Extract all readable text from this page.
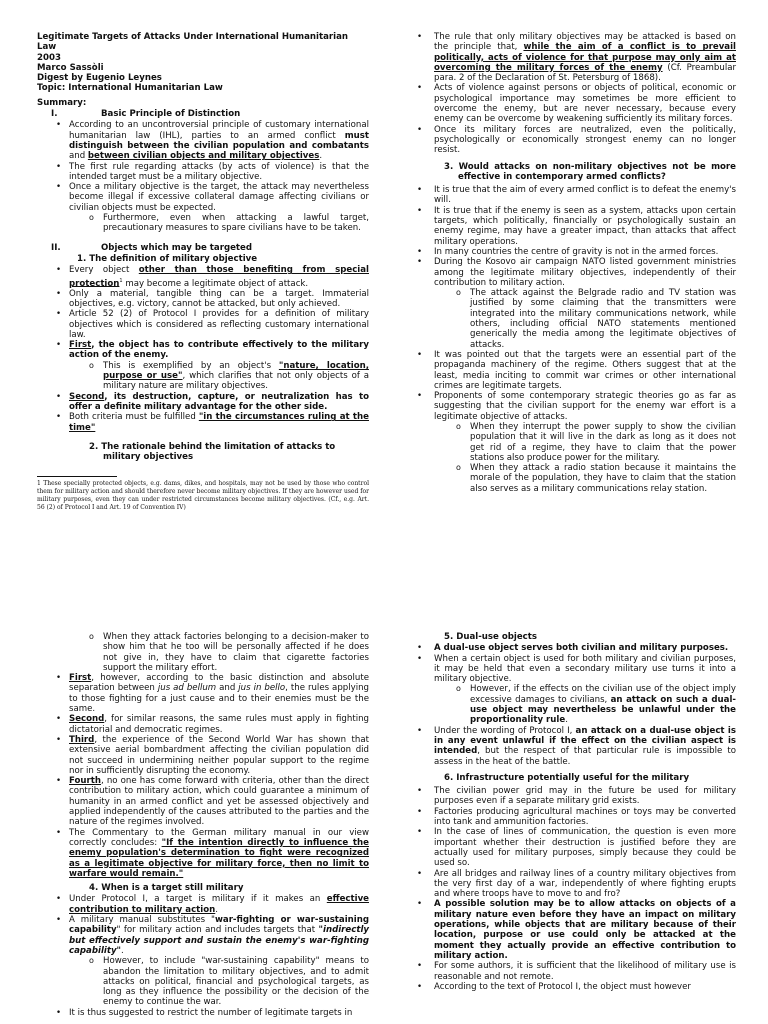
Legitimate Targets of Attacks Under International Humanitarian Law
2003
Marco Sassòli
Digest by Eugenio Leynes
Topic: International Humanitarian Law
Summary:
I.	Basic Principle of Distinction

• According to an uncontroversial principle of customary international humanitarian law (IHL), parties to an armed conflict must distinguish between the civilian population and combatants and between civilian objects and military objectives.

• The first rule regarding attacks (by acts of violence) is that the intended target must be a military objective.

• Once a military objective is the target, the attack may nevertheless become illegal if excessive collateral damage affecting civilians or civilian objects must be expected.

o Furthermore, even when attacking a lawful target, precautionary measures to spare civilians have to be taken.

II.	Objects which may be targeted
1. The definition of military objective

• Every object other than those benefiting from special protection$^1$ may become a legitimate object of attack.

• Only a material, tangible thing can be a target. Immaterial objectives, e.g. victory, cannot be attacked, but only achieved.

• Article 52 (2) of Protocol I provides for a definition of military objectives which is considered as reflecting customary international law.

• First, the object has to contribute effectively to the military action of the enemy.

o This is exemplified by an object's "nature, location, purpose or use", which clarifies that not only objects of a military nature are military objectives.

• Second, its destruction, capture, or neutralization has to offer a definite military advantage for the other side.

• Both criteria must be fulfilled "in the circumstances ruling at the time"

2. The rationale behind the limitation of attacks to military objectives
1 These specially protected objects, e.g. dams, dikes, and hospitals, may not be used by those who control them for military action and should therefore never become military objectives. If they are however used for military purposes, even they can under restricted circumstances become military objectives. (Cf., e.g. Art. 56 (2) of Protocol I and Art. 19 of Convention IV)

• The rule that only military objectives may be attacked is based on the principle that, while the aim of a conflict is to prevail politically, acts of violence for that purpose may only aim at overcoming the military forces of the enemy (Cf. Preambular para. 2 of the Declaration of St. Petersburg of 1868).

• Acts of violence against persons or objects of political, economic or psychological importance may sometimes be more efficient to overcome the enemy, but are never necessary, because every enemy can be overcome by weakening sufficiently its military forces.

• Once its military forces are neutralized, even the politically, psychologically or economically strongest enemy can no longer resist.

3. Would attacks on non-military objectives not be more effective in contemporary armed conflicts?

• It is true that the aim of every armed conflict is to defeat the enemy's will.

• It is true that if the enemy is seen as a system, attacks upon certain targets, which politically, financially or psychologically sustain an enemy regime, may have a greater impact, than attacks that affect military operations.

• In many countries the centre of gravity is not in the armed forces.

• During the Kosovo air campaign NATO listed government ministries among the legitimate military objectives, independently of their contribution to military action.

o The attack against the Belgrade radio and TV station was justified by some claiming that the transmitters were integrated into the military communications network, while others, including official NATO statements mentioned generically the media among the legitimate objectives of attacks.

• It was pointed out that the targets were an essential part of the propaganda machinery of the regime. Others suggest that at the least, media inciting to commit war crimes or other international crimes are legitimate targets.

• Proponents of some contemporary strategic theories go as far as suggesting that the civilian support for the enemy war effort is a legitimate objective of attacks.

o When they interrupt the power supply to show the civilian population that it will live in the dark as long as it does not get rid of a regime, they have to claim that the power stations also produce power for the military.

o When they attack a radio station because it maintains the morale of the population, they have to claim that the station also serves as a military communications relay station.

o When they attack factories belonging to a decision-maker to show him that he too will be personally affected if he does not give in, they have to claim that cigarette factories support the military effort.

• First, however, according to the basic distinction and absolute separation between jus ad bellum and jus in bello, the rules applying to those fighting for a just cause and to their enemies must be the same.

• Second, for similar reasons, the same rules must apply in fighting dictatorial and democratic regimes.

• Third, the experience of the Second World War has shown that extensive aerial bombardment affecting the civilian population did not succeed in undermining neither popular support to the regime nor in sufficiently disrupting the economy.

• Fourth, no one has come forward with criteria, other than the direct contribution to military action, which could guarantee a minimum of humanity in an armed conflict and yet be assessed objectively and applied independently of the causes attributed to the parties and the nature of the regimes involved.

• The Commentary to the German military manual in our view correctly concludes: "If the intention directly to influence the enemy population's determination to fight were recognized as a legitimate objective for military force, then no limit to warfare would remain."

4. When is a target still military

• Under Protocol I, a target is military if it makes an effective contribution to military action.

• A military manual substitutes "war-fighting or war-sustaining capability" for military action and includes targets that "indirectly but effectively support and sustain the enemy's war-fighting capability".

o However, to include "war-sustaining capability" means to abandon the limitation to military objectives, and to admit attacks on political, financial and psychological targets, as long as they influence the possibility or the decision of the enemy to continue the war.

• It is thus suggested to restrict the number of legitimate targets in

5. Dual-use objects

• A dual-use object serves both civilian and military purposes.

• When a certain object is used for both military and civilian purposes, it may be held that even a secondary military use turns it into a military objective.

o However, if the effects on the civilian use of the object imply excessive damages to civilians, an attack on such a dual-use object may nevertheless be unlawful under the proportionality rule.

• Under the wording of Protocol I, an attack on a dual-use object is in any event unlawful if the effect on the civilian aspect is intended, but the respect of that particular rule is impossible to assess in the heat of the battle.

6. Infrastructure potentially useful for the military

• The civilian power grid may in the future be used for military purposes even if a separate military grid exists.

• Factories producing agricultural machines or toys may be converted into tank and ammunition factories.

• In the case of lines of communication, the question is even more important whether their destruction is justified before they are actually used for military purposes, simply because they could be used so.

• Are all bridges and railway lines of a country military objectives from the very first day of a war, independently of where fighting erupts and where troops have to move to and fro?

• A possible solution may be to allow attacks on objects of a military nature even before they have an impact on military operations, while objects that are military because of their location, purpose or use could only be attacked at the moment they actually provide an effective contribution to military action.

• For some authors, it is sufficient that the likelihood of military use is reasonable and not remote.

• According to the text of Protocol I, the object must however
